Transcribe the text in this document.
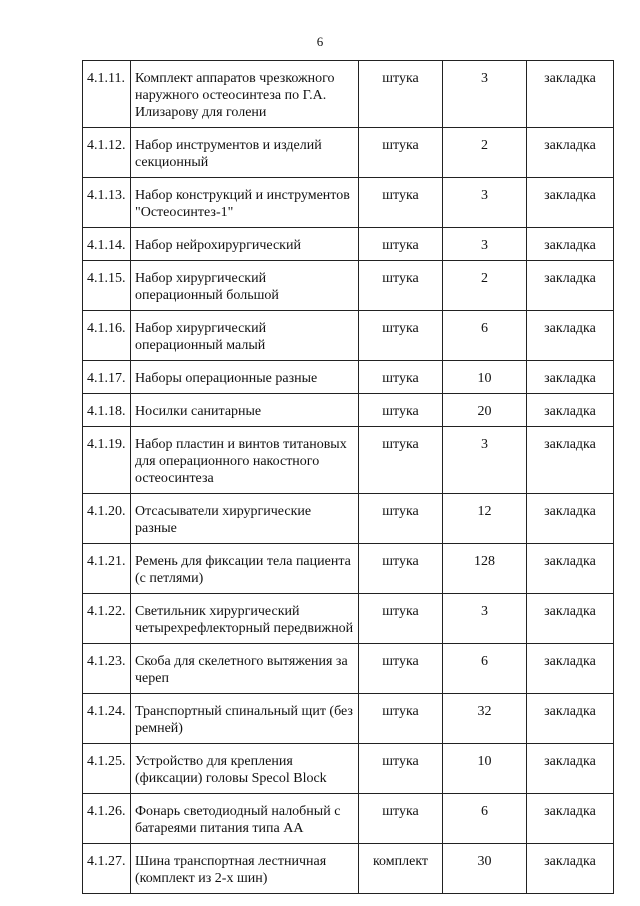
6
4.1.11.	Комплект аппаратов чрезкожного наружного остеосинтеза по Г.А. Илизарову для голени	штука	3	закладка
4.1.12.	Набор инструментов и изделий секционный	штука	2	закладка
4.1.13.	Набор конструкций и инструментов "Остеосинтез-1"	штука	3	закладка
4.1.14.	Набор нейрохирургический	штука	3	закладка
4.1.15.	Набор хирургический операционный большой	штука	2	закладка
4.1.16.	Набор хирургический операционный малый	штука	6	закладка
4.1.17.	Наборы операционные разные	штука	10	закладка
4.1.18.	Носилки санитарные	штука	20	закладка
4.1.19.	Набор пластин и винтов титановых для операционного накостного остеосинтеза	штука	3	закладка
4.1.20.	Отсасыватели хирургические разные	штука	12	закладка
4.1.21.	Ремень для фиксации тела пациента (с петлями)	штука	128	закладка
4.1.22.	Светильник хирургический четырехрефлекторный передвижной	штука	3	закладка
4.1.23.	Скоба для скелетного вытяжения за череп	штука	6	закладка
4.1.24.	Транспортный спинальный щит (без ремней)	штука	32	закладка
4.1.25.	Устройство для крепления (фиксации) головы Specol Block	штука	10	закладка
4.1.26.	Фонарь светодиодный налобный с батареями питания типа АА	штука	6	закладка
4.1.27.	Шина транспортная лестничная (комплект из 2-х шин)	комплект	30	закладка
